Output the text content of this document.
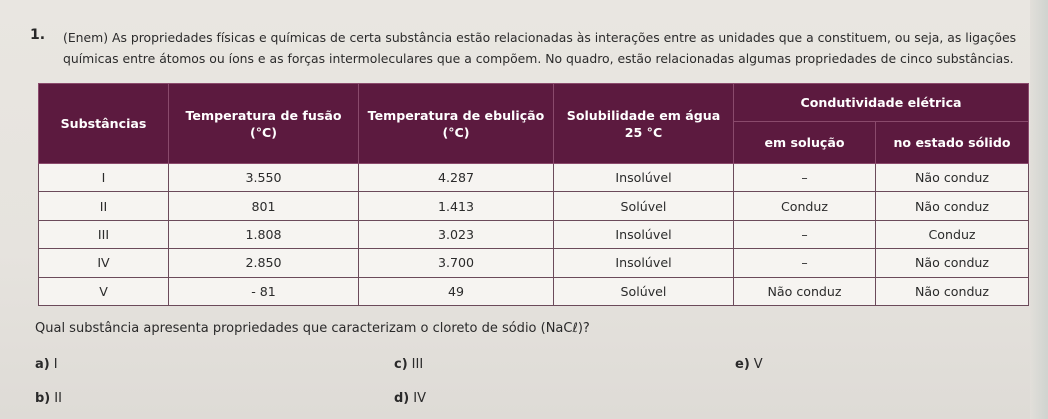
1. (Enem) As propriedades físicas e químicas de certa substância estão relacionadas às interações entre as unidades que a constituem, ou seja, as ligações químicas entre átomos ou íons e as forças intermoleculares que a compõem. No quadro, estão relacionadas algumas propriedades de cinco substâncias.
Substâncias	Temperatura de fusão (°C)	Temperatura de ebulição (°C)	Solubilidade em água 25 °C	Condutividade elétrica	
				em solução	no estado sólido
I	3.550	4.287	Insolúvel	–	Não conduz
II	801	1.413	Solúvel	Conduz	Não conduz
III	1.808	3.023	Insolúvel	–	Conduz
IV	2.850	3.700	Insolúvel	–	Não conduz
V	- 81	49	Solúvel	Não conduz	Não conduz
Qual substância apresenta propriedades que caracterizam o cloreto de sódio (NaCℓ)?
a) I
b) II
c) III
d) IV
e) V
